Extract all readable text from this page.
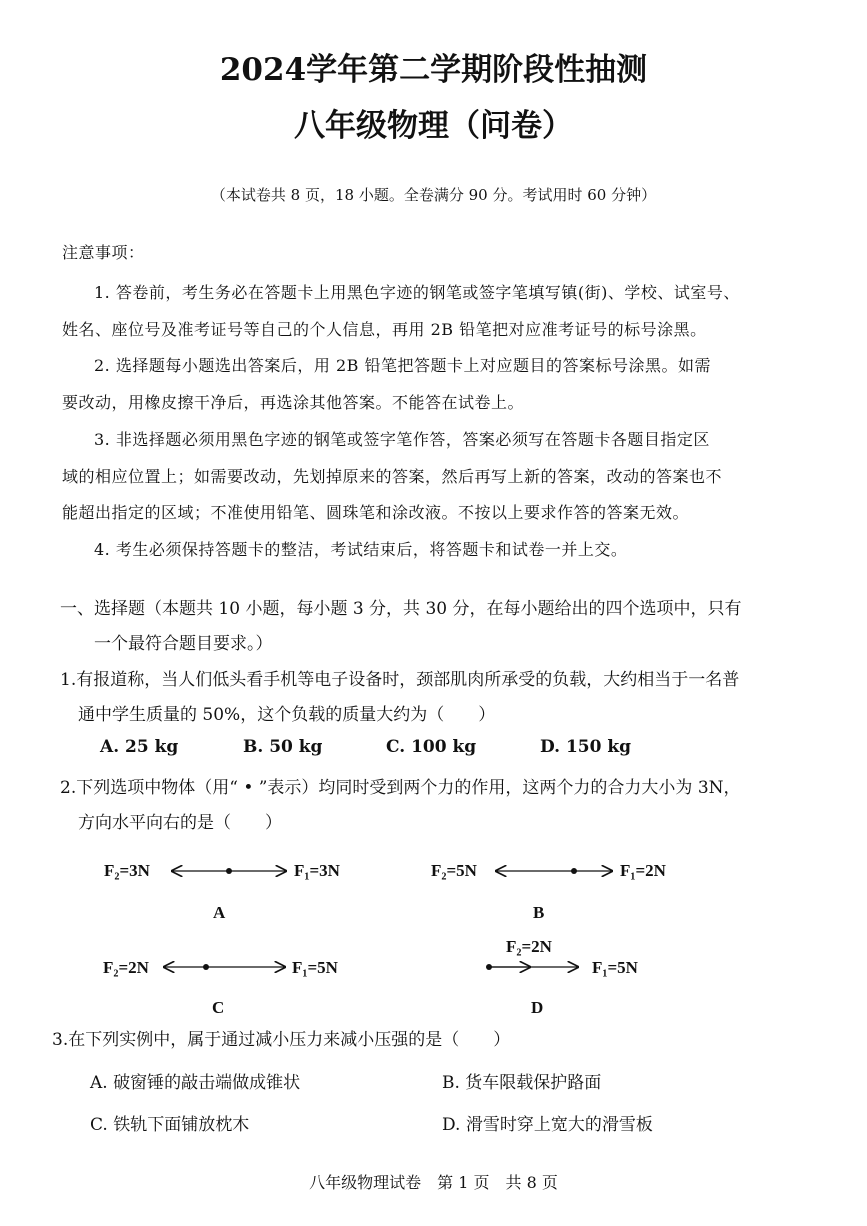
2024学年第二学期阶段性抽测
八年级物理（问卷）
（本试卷共 8 页，18 小题。全卷满分 90 分。考试用时 60 分钟）
注意事项：
1. 答卷前，考生务必在答题卡上用黑色字迹的钢笔或签字笔填写镇(街)、学校、试室号、
姓名、座位号及准考证号等自己的个人信息，再用 2B 铅笔把对应准考证号的标号涂黑。
2. 选择题每小题选出答案后，用 2B 铅笔把答题卡上对应题目的答案标号涂黑。如需
要改动，用橡皮擦干净后，再选涂其他答案。不能答在试卷上。
3. 非选择题必须用黑色字迹的钢笔或签字笔作答，答案必须写在答题卡各题目指定区
域的相应位置上；如需要改动，先划掉原来的答案，然后再写上新的答案，改动的答案也不
能超出指定的区域；不准使用铅笔、圆珠笔和涂改液。不按以上要求作答的答案无效。
4. 考生必须保持答题卡的整洁，考试结束后，将答题卡和试卷一并上交。
一、选择题（本题共 10 小题，每小题 3 分，共 30 分，在每小题给出的四个选项中，只有
一个最符合题目要求。）
1.有报道称，当人们低头看手机等电子设备时，颈部肌肉所承受的负载，大约相当于一名普
通中学生质量的 50%，这个负载的质量大约为（　　）
A. 25 kg	B. 50 kg	C. 100 kg	D. 150 kg
2.下列选项中物体（用“ • ”表示）均同时受到两个力的作用，这两个力的合力大小为 3N，
方向水平向右的是（　　）
F₂=3N	F₁=3N
A
F₂=5N	F₁=2N
B
F₂=2N	F₁=5N
C
F₂=2N
F₁=5N
D
3.在下列实例中，属于通过减小压力来减小压强的是（　　）
A. 破窗锤的敲击端做成锥状	B. 货车限载保护路面
C. 铁轨下面铺放枕木	D. 滑雪时穿上宽大的滑雪板
八年级物理试卷　第 1 页　共 8 页
